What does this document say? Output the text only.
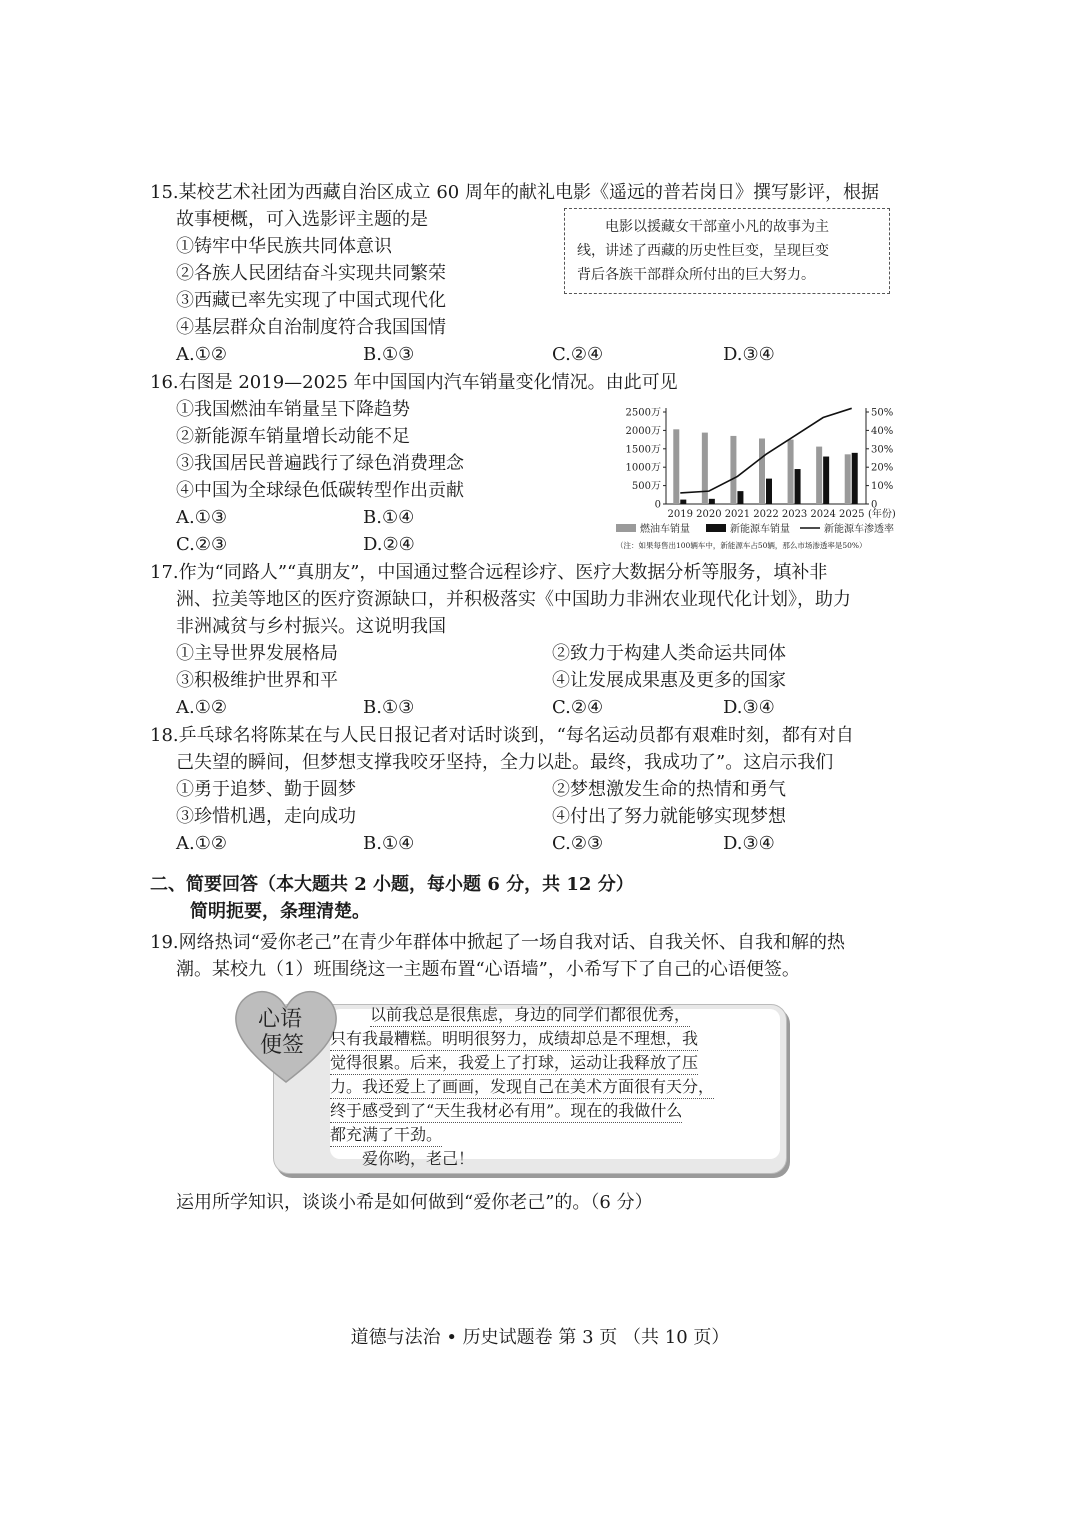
15.某校艺术社团为西藏自治区成立 60 周年的献礼电影《遥远的普若岗日》撰写影评，根据
故事梗概，可入选影评主题的是	电影以援藏女干部童小凡的故事为主
线，讲述了西藏的历史性巨变，呈现巨变
背后各族干部群众所付出的巨大努力。
①铸牢中华民族共同体意识
②各族人民团结奋斗实现共同繁荣
③西藏已率先实现了中国式现代化
④基层群众自治制度符合我国国情
A.①②	B.①③	C.②④	D.③④
16.右图是 2019—2025 年中国国内汽车销量变化情况。由此可见
①我国燃油车销量呈下降趋势
②新能源车销量增长动能不足
③我国居民普遍践行了绿色消费理念
④中国为全球绿色低碳转型作出贡献
A.①③	B.①④
C.②③	D.②④
2500万
2000万
1500万
1000万
500万
0
50%
40%
30%
20%
10%
0
2019 2020 2021 2022 2023 2024 2025 (年份)
燃油车销量	新能源车销量	新能源车渗透率
（注：如果每售出100辆车中，新能源车占50辆，那么市场渗透率是50%）
17.作为“同路人”“真朋友”，中国通过整合远程诊疗、医疗大数据分析等服务，填补非
洲、拉美等地区的医疗资源缺口，并积极落实《中国助力非洲农业现代化计划》，助力
非洲减贫与乡村振兴。这说明我国
①主导世界发展格局	②致力于构建人类命运共同体
③积极维护世界和平	④让发展成果惠及更多的国家
A.①②	B.①③	C.②④	D.③④
18.乒乓球名将陈某在与人民日报记者对话时谈到，“每名运动员都有艰难时刻，都有对自
己失望的瞬间，但梦想支撑我咬牙坚持，全力以赴。最终，我成功了”。这启示我们
①勇于追梦、勤于圆梦	②梦想激发生命的热情和勇气
③珍惜机遇，走向成功	④付出了努力就能够实现梦想
A.①②	B.①④	C.②③	D.③④
二、简要回答（本大题共 2 小题，每小题 6 分，共 12 分）
简明扼要，条理清楚。
19.网络热词“爱你老己”在青少年群体中掀起了一场自我对话、自我关怀、自我和解的热
潮。某校九（1）班围绕这一主题布置“心语墙”，小希写下了自己的心语便签。
心语
便签
以前我总是很焦虑，身边的同学们都很优秀，
只有我最糟糕。明明很努力，成绩却总是不理想，我
觉得很累。后来，我爱上了打球，运动让我释放了压
力。我还爱上了画画，发现自己在美术方面很有天分，
终于感受到了“天生我材必有用”。现在的我做什么
都充满了干劲。
爱你哟，老己！
运用所学知识，谈谈小希是如何做到“爱你老己”的。（6 分）
道德与法治 • 历史试题卷 第 3 页 （共 10 页）
